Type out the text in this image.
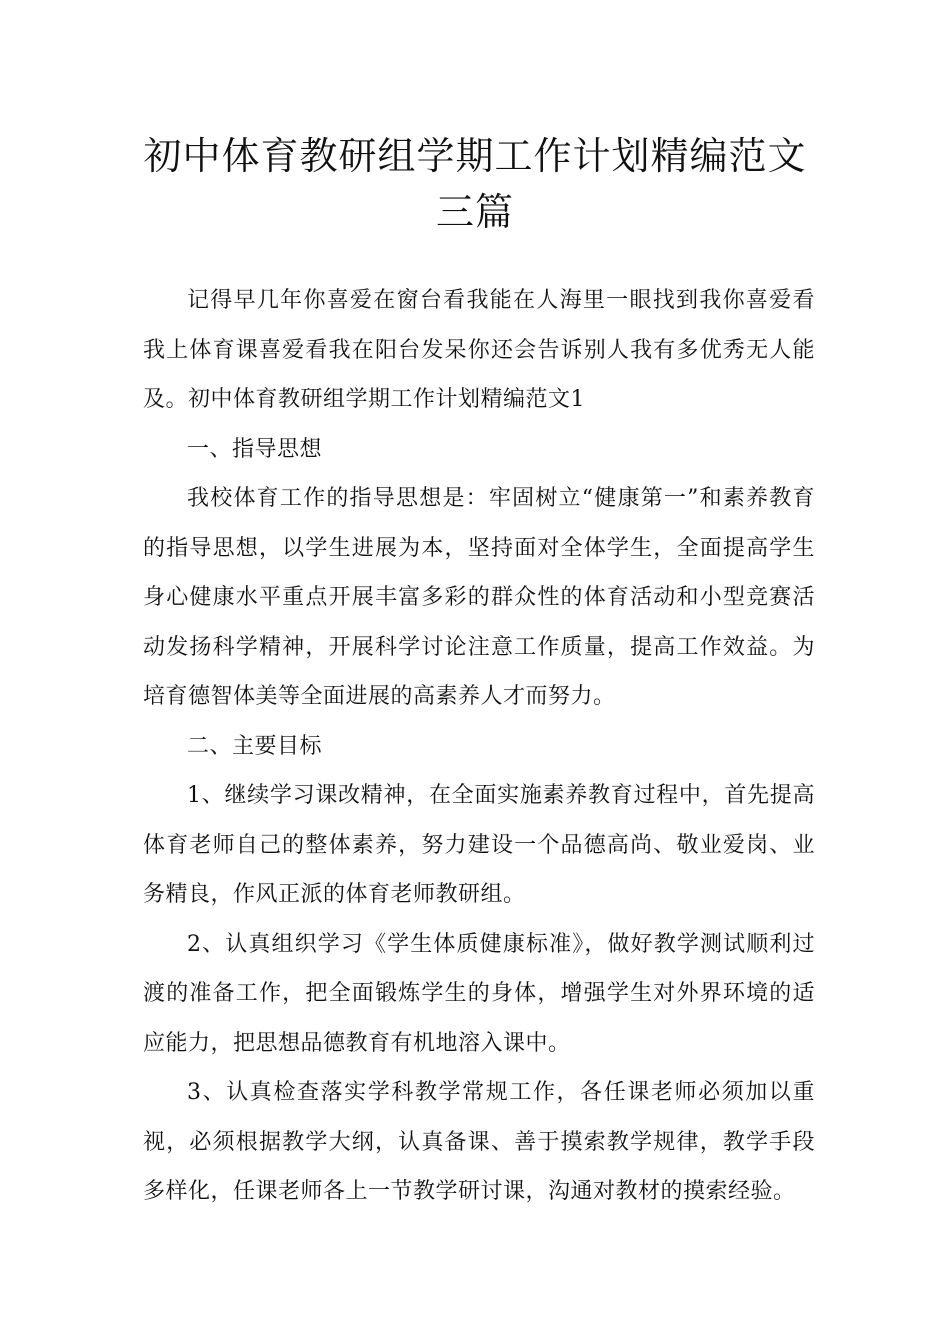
初中体育教研组学期工作计划精编范文
三篇

记得早几年你喜爱在窗台看我能在人海里一眼找到我你喜爱看我上体育课喜爱看我在阳台发呆你还会告诉别人我有多优秀无人能及。初中体育教研组学期工作计划精编范文1

一、指导思想

我校体育工作的指导思想是：牢固树立“健康第一”和素养教育的指导思想，以学生进展为本，坚持面对全体学生，全面提高学生身心健康水平重点开展丰富多彩的群众性的体育活动和小型竞赛活动发扬科学精神，开展科学讨论注意工作质量，提高工作效益。为培育德智体美等全面进展的高素养人才而努力。

二、主要目标

1、继续学习课改精神，在全面实施素养教育过程中，首先提高体育老师自己的整体素养，努力建设一个品德高尚、敬业爱岗、业务精良，作风正派的体育老师教研组。

2、认真组织学习《学生体质健康标准》，做好教学测试顺利过渡的准备工作，把全面锻炼学生的身体，增强学生对外界环境的适应能力，把思想品德教育有机地溶入课中。

3、认真检查落实学科教学常规工作，各任课老师必须加以重视，必须根据教学大纲，认真备课、善于摸索教学规律，教学手段多样化，任课老师各上一节教学研讨课，沟通对教材的摸索经验。
